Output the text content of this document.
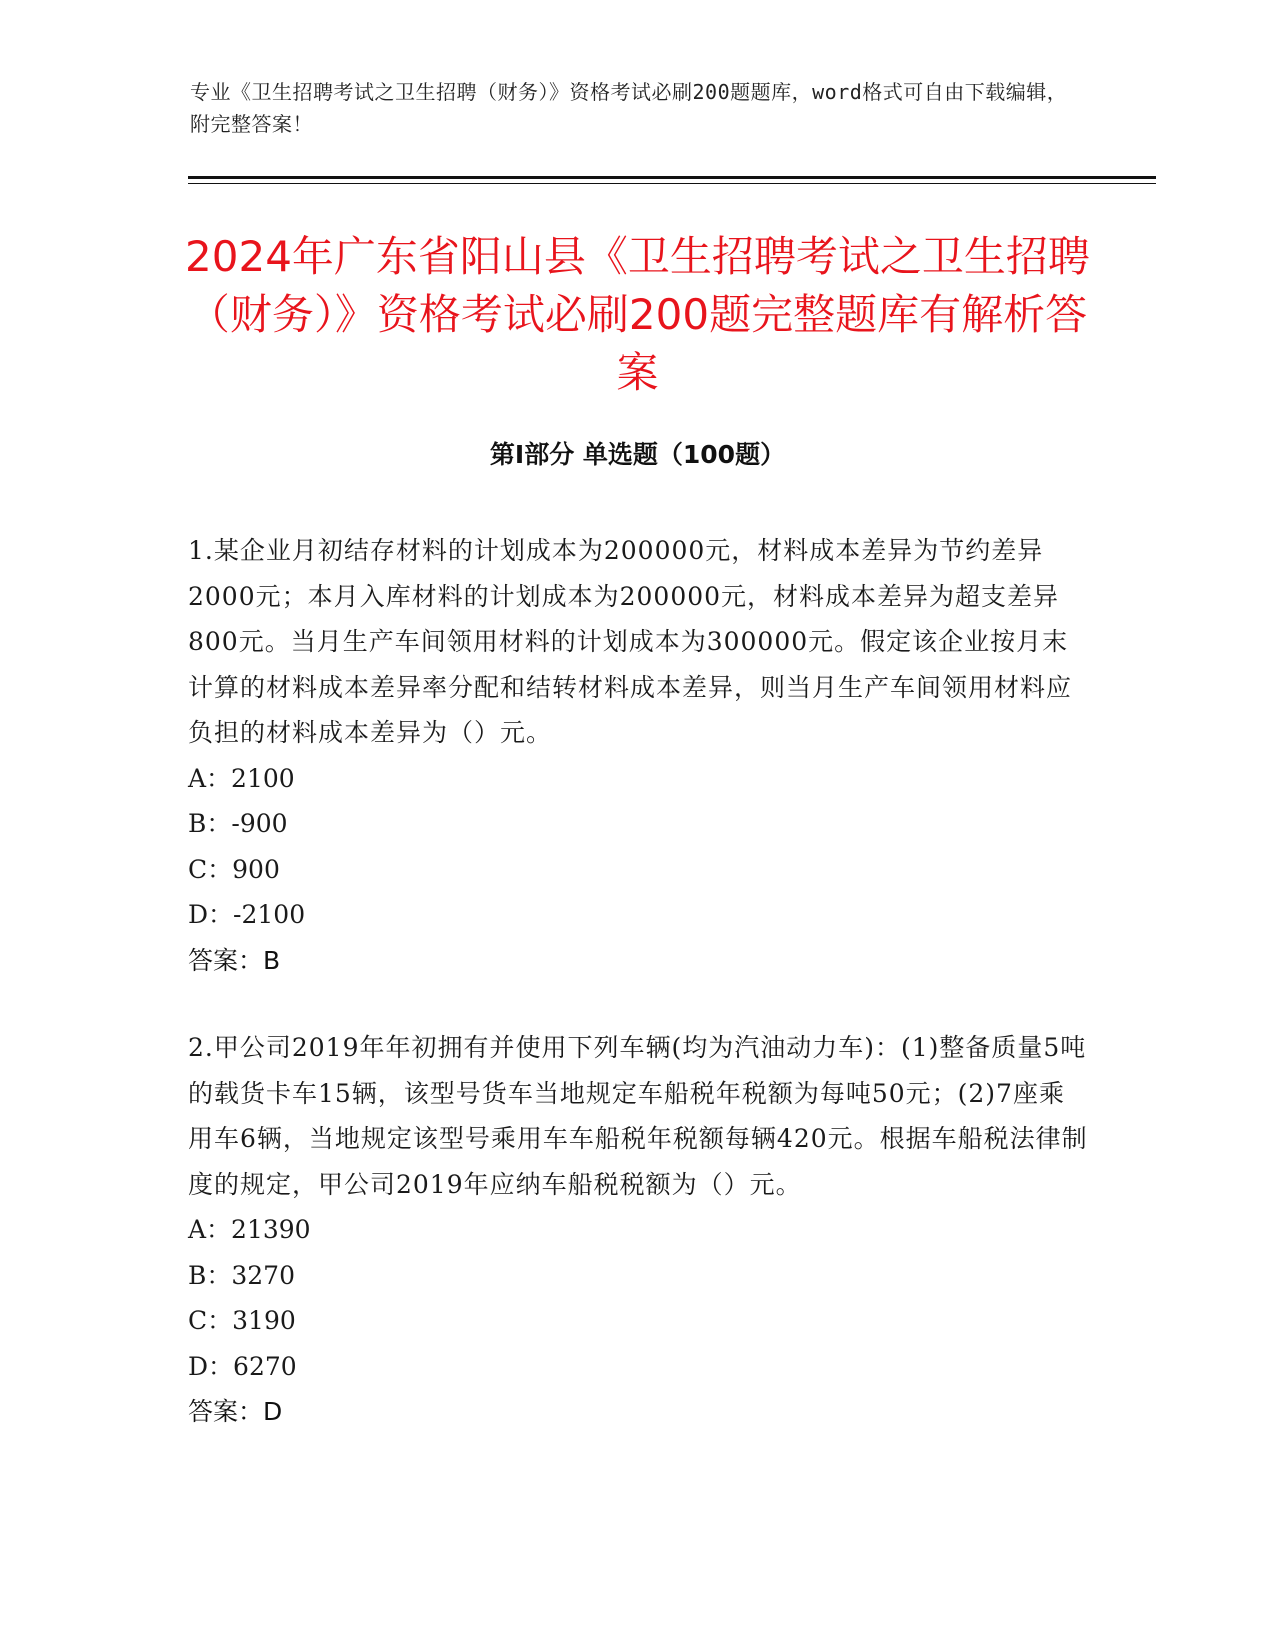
专业《卫生招聘考试之卫生招聘（财务）》资格考试必刷200题题库，word格式可自由下载编辑，附完整答案！
2024年广东省阳山县《卫生招聘考试之卫生招聘（财务）》资格考试必刷200题完整题库有解析答案
第Ⅰ部分 单选题（100题）

1.某企业月初结存材料的计划成本为200000元，材料成本差异为节约差异2000元；本月入库材料的计划成本为200000元，材料成本差异为超支差异800元。当月生产车间领用材料的计划成本为300000元。假定该企业按月末计算的材料成本差异率分配和结转材料成本差异，则当月生产车间领用材料应负担的材料成本差异为（）元。

A：2100

B：-900

C：900

D：-2100

答案：B

2.甲公司2019年年初拥有并使用下列车辆(均为汽油动力车)：(1)整备质量5吨的载货卡车15辆，该型号货车当地规定车船税年税额为每吨50元；(2)7座乘用车6辆，当地规定该型号乘用车车船税年税额每辆420元。根据车船税法律制度的规定，甲公司2019年应纳车船税税额为（）元。

A：21390

B：3270

C：3190

D：6270

答案：D
